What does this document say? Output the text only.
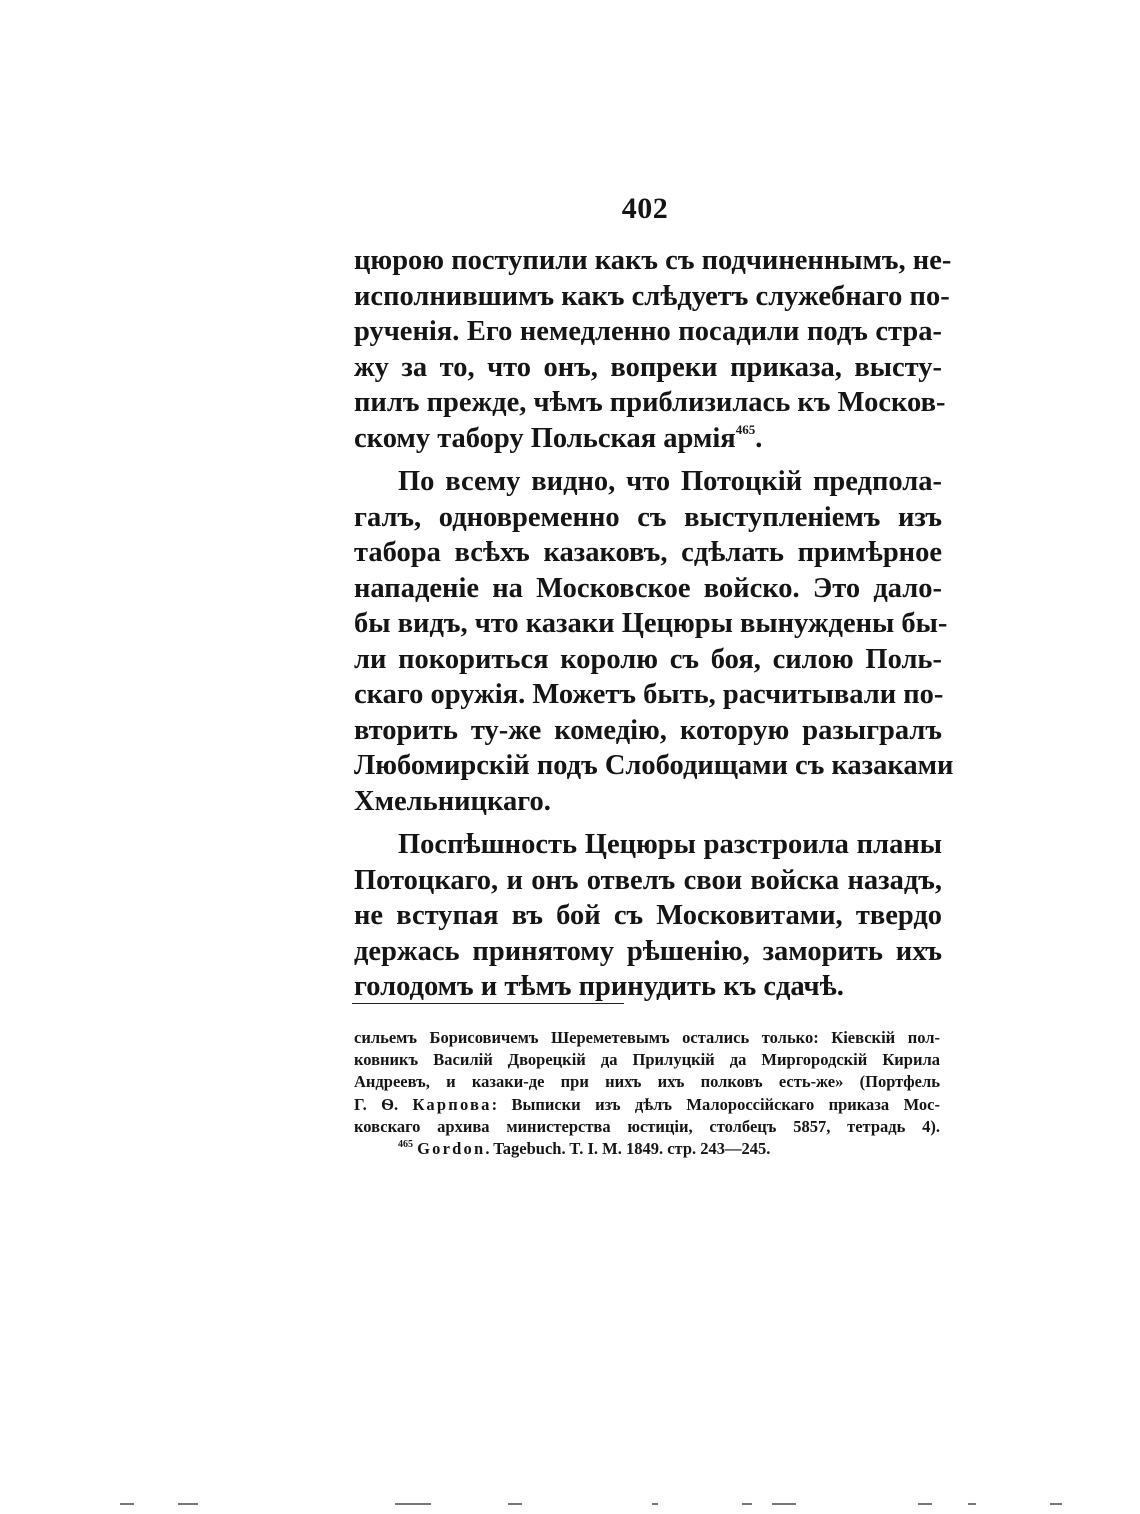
402
цюрою поступили какъ съ подчиненнымъ, не-
исполнившимъ какъ слѣдуетъ служебнаго по-
рученія. Его немедленно посадили подъ стра-
жу за то, что онъ, вопреки приказа, высту-
пилъ прежде, чѣмъ приблизилась къ Москов-
скому табору Польская армія$^{465}$.
По всему видно, что Потоцкій предпола-
галъ, одновременно съ выступленіемъ изъ
табора всѣхъ казаковъ, сдѣлать примѣрное
нападеніе на Московское войско. Это дало-
бы видъ, что казаки Цецюры вынуждены бы-
ли покориться королю съ боя, силою Поль-
скаго оружія. Можетъ быть, расчитывали по-
вторить ту-же комедію, которую разыгралъ
Любомирскій подъ Слободищами съ казаками
Хмельницкаго.
Поспѣшность Цецюры разстроила планы
Потоцкаго, и онъ отвелъ свои войска назадъ,
не вступая въ бой съ Московитами, твердо
держась принятому рѣшенію, заморить ихъ
голодомъ и тѣмъ принудить къ сдачѣ.
сильемъ Борисовичемъ Шереметевымъ остались только: Кіевскій пол-
ковникъ Василій Дворецкій да Прилуцкій да Миргородскій Кирила
Андреевъ, и казаки-де при нихъ ихъ полковъ есть-же» (Портфель
Г. Ѳ. Карпова: Выписки изъ дѣлъ Малороссійскаго приказа Мос-
ковскаго архива министерства юстиціи, столбецъ 5857, тетрадь 4).
$^{465}$ Gordon. Tagebuch. T. I. M. 1849. стр. 243—245.
